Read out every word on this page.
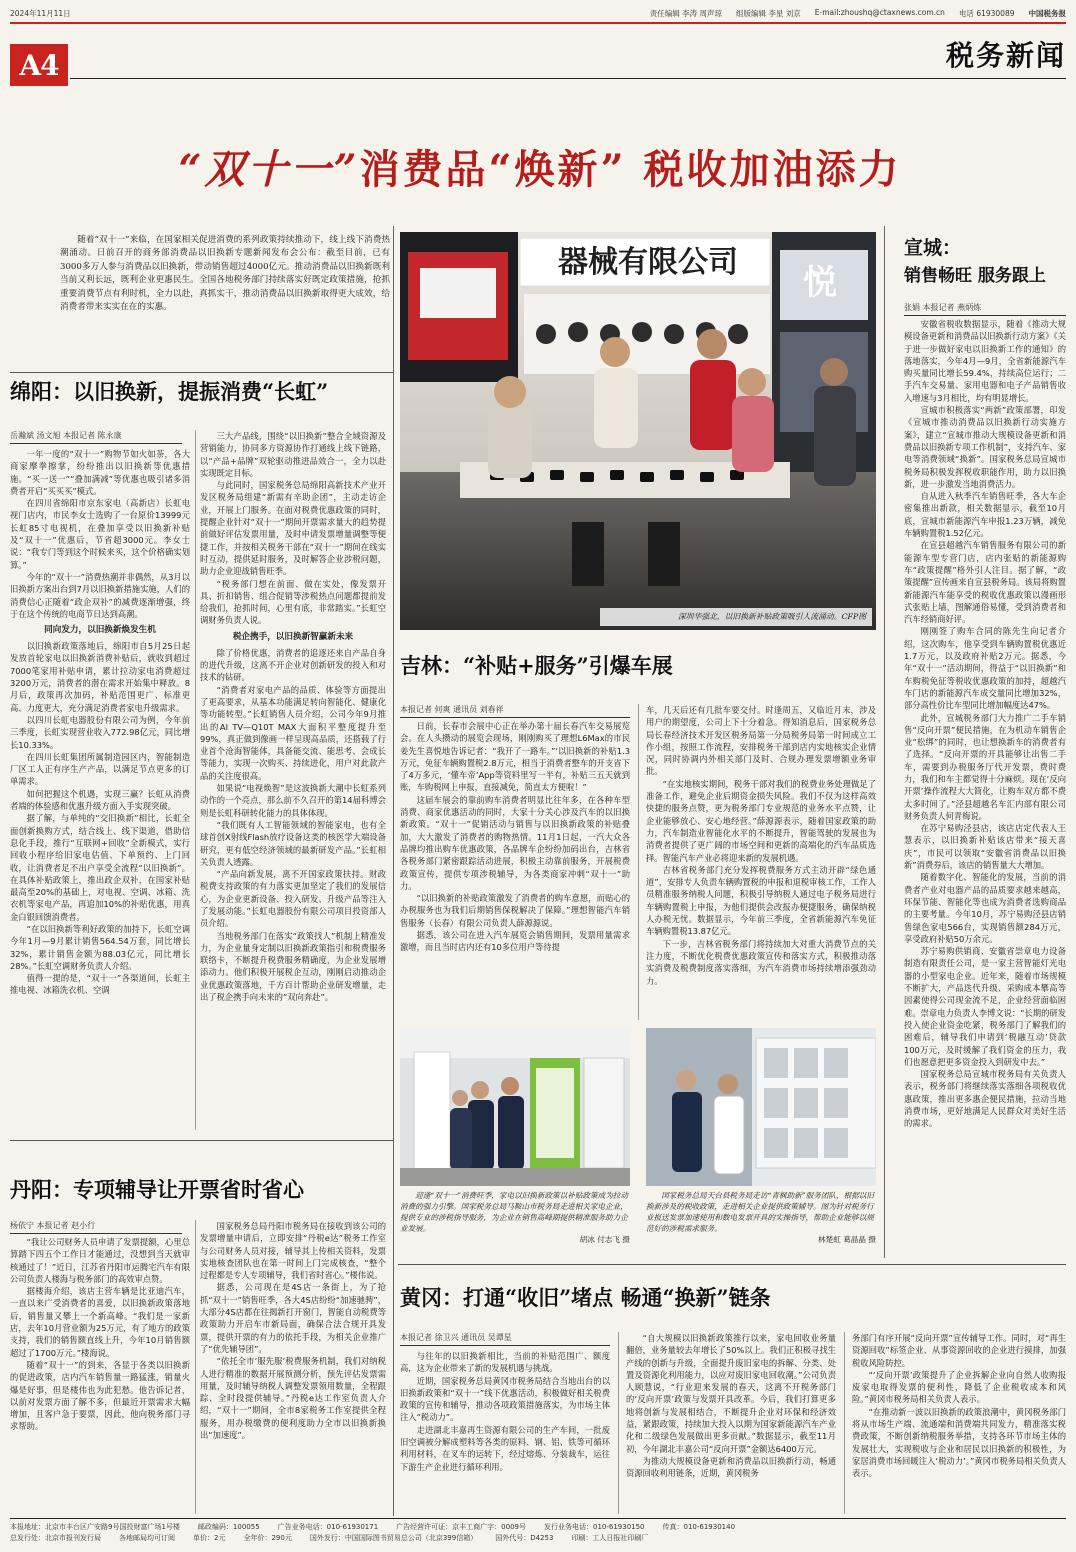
2024年11月11日	责任编辑 李涛 周声琼 组版编辑 李星 刘京 E-mail:zhoushq@ctaxnews.com.cn 电话 61930089 中国税务报
A4	税务新闻
“双十一”消费品“焕新” 税收加油添力
随着“双十一”来临，在国家相关促进消费的系列政策持续推动下，线上线下消费热潮涌动。日前召开的商务部消费品以旧换新专题新闻发布会公布：截至目前，已有3000多万人参与消费品以旧换新，带动销售超过4000亿元。推动消费品以旧换新既利当前又利长远，既利企业更惠民生。全国各地税务部门持续落实好既定政策措施，抢抓重要消费节点有利时机，全力以赴，真抓实干，推动消费品以旧换新取得更大成效，给消费者带来实实在在的实惠。
绵阳：以旧换新，提振消费“长虹”
岳瀚斌 汤文旭 本报记者 陈永康

一年一度的“双十一”购物节如火如荼，各大商家摩拳擦掌，纷纷推出以旧换新等优惠措施。“买一送一”“叠加满减”等优惠也吸引诸多消费者开启“买买买”模式。

在四川省绵阳市京东家电（高新店）长虹电视门店内，市民李女士选购了一台原价13999元长虹85寸电视机，在叠加享受以旧换新补贴及“双十一”优惠后，节省超3000元。李女士说：“我专门等到这个时候来买，这个价格确实划算。”

今年的“双十一”消费热潮并非偶然，从3月以旧换新方案出台到7月以旧换新措施实施，人们的消费信心正随着“政企双补”的减费逐渐增强，终于在这个传统的电商节日达到高潮。

同向发力，以旧换新焕发生机

以旧换新政策落地后，绵阳市自5月25日起发放首轮家电以旧换新消费补贴后，就收到超过7000笔家用补贴申请，累计拉动家电消费超过3200万元，消费者的潜在需求开始集中释放。8月后，政策再次加码，补贴范围更广、标准更高、力度更大，充分满足消费者家电升级需求。

以四川长虹电器股份有限公司为例，今年前三季度，长虹实现营业收入772.98亿元，同比增长10.33%。

在四川长虹集团所属制造园区内，智能制造厂区工人正有序生产产品，以满足节点更多的订单需求。

如何把握这个机遇，实现三赢？长虹从消费者端的体验感和优惠升级方面入手实现突破。

据了解，与单纯的“交旧换新”相比，长虹全面创新换购方式，结合线上、线下渠道，借助信息化手段，推行“互联网+回收”全新模式，实行回收小程序给旧家电估值、下单预约、上门回收，让消费者足不出户享受全流程“以旧换新”。在具体补贴政策上，推出政企双补，在国家补贴最高至20%的基础上，对电视、空调、冰箱、洗衣机等家电产品，再追加10%的补贴优惠，用真金白银回馈消费者。

“在以旧换新等利好政策的加持下，长虹空调今年1月—9月累计销售564.54万套，同比增长32%，累计销售金额为88.03亿元，同比增长28%。”长虹空调财务负责人介绍。

值得一提的是，“双十一”各渠道间，长虹主推电视、冰箱洗衣机、空调

三大产品线，围绕“以旧换新”整合全域资源及营销能力，协同多方资源协作打通线上线下链路，以“产品+品牌”双轮驱动推进品效合一，全力以赴实现既定目标。

与此同时，国家税务总局绵阳高新技术产业开发区税务局组建“新需有辛助企团”，主动走访企业，开展上门服务。在面对税费优惠政策的同时，提醒企业针对“双十一”期间开票需求量大的趋势提前做好评估发票用量，及时申请发票增量调整等便捷工作，并按相关税务干部在“双十一”期间在线实时互动，提供延时服务，及时解答企业涉税问题，助力企业迎战销售旺季。

“税务部门想在前面、做在实处，像发票开具、折扣销售、组合促销等涉税热点问题都提前发给我们，抢抓时间，心里有底，非常踏实。”长虹空调财务负责人说。

税企携手，以旧换新智赢新未来

除了价格优惠，消费者的追逐还来自产品自身的进代升级，这离不开企业对创新研发的投入和对技术的钻研。

“消费者对家电产品的品质、体验等方面提出了更高要求，从基本功能满足转向智能化、健康化等功能转型。”长虹销售人员介绍，公司今年9月推出的AI TV—Q10T MAX大面积平整度提升至99%，真正做到像画一样呈现高品质，还搭载了行业首个沧海智能体，具备能交流、能思考、会成长等能力，实现一次购买、持续进化，用户对此款产品的关注度很高。

如果说“电视焕智”是这波换新大潮中长虹系列动作的一个亮点，那么前不久召开的第14届科博会则是长虹科研转化能力的具体体现。

“我们既有人工智能领域的智能家电，也有全球首创X射线Flash放疗设备这类的核医学大端设备研究，更有低空经济领域的最新研发产品。”长虹相关负责人透露。

“产品向新发展，离不开国家政策扶持。财政税费支持政策的有力落实更加坚定了我们的发展信心，为企业更新设备、投入研发、升级产品等注入了发展动能。”长虹电器股份有限公司项目投资部人员介绍。

当地税务部门在落实“政策找人”机制上精准发力，为企业量身定制以旧换新政策指引和税费服务联络卡，不断提升税费服务精确度，为企业发展增添动力。他们积极开展税企互动，刚刚启动推动企业优惠政策落地，千方百计帮助企业研发增量，走出了税企携手向未来的“双向奔赴”。

丹阳：专项辅导让开票省时省心
杨依宁 本报记者 赵小行

“我让公司财务人员申请了发票提额，心里总算踏下四五个工作日才能通过，没想到当天就审核通过了！”近日，江苏省丹阳市运腾宅汽车有限公司负责人楼海与税务部门的高效审点赞。

据楼海介绍，该店主营车辆是比亚迪汽车，一直以来广受消费者的喜爱，以旧换新政策落地后，销售量又攀上一个新高峰。“我们是一家新店，去年10月营业额为25万元，有了地方的政策支持，我们的销售额直线上升，今年10月销售额超过了1700万元。”楼海说。

随着“双十一”的到来，各显于各类以旧换新的促进政策，店内汽车销售量一路猛涨，销量火爆是好事，但是楼伟也为此犯愁。他告诉记者，以前对发票方面了解不多，但最近开票需求大幅增加，且客户急于要票，因此，他向税务部门寻求帮助。

国家税务总局丹阳市税务局在接收到该公司的发票增量申请后，立即安排“丹税e达”税务工作室与公司财务人员对接，辅导其上传相关资料，发票实地核查团队也在第一时间上门完成核查，“整个过程都是专人专项辅导，我们省时省心。”楼伟说。

据悉，公司现在是4S店一条街上，为了抢抓“双十一”销售旺季，各大4S店纷纷“加速驰骋”，大部分4S店都在往揭新打开窗门，智能自动税费等政策助力开启车市新局面，确保合法合规开具发票，提供开票的有力的依托手段，为相关企业推广了“优先辅导团”。

“依托全市‘服先服’税费服务机制，我们对纳税人进行精准的数据开展预测分析，预先评估发票需用量，及时辅导纳税人调整发票领用数量，全程跟踪、全时段提供辅导。”丹税e达工作室负责人介绍，“双十一”期间，全市8家税务工作室提供全程服务，用办税缴费的便利度助力全市以旧换新换出“加速度”。

器械有限公司
悦
深圳华强北，以旧换新补贴政策吸引人流涌动。CFP图
吉林：“补贴+服务”引爆车展
本报记者 何爽 通讯员 刘春祥

日前，长春市会展中心正在举办第十届长春汽车交易展览会。在人头攒动的展览会现场，刚刚购买了理想L6Max的市民姜先生喜悦地告诉记者：“我开了一路车。”‘以旧换新的补贴1.3万元，免征车辆购置税2.8万元，相当于消费者整车的开支省下了4万多元，‘懂车帝’App等资料里写一半有，补贴三五天就到账，车购税网上申报，直接减免，简直太方便啦！”

这届车展会的靠前购车消费者明显比往年多，在各种车型消费、商家优惠活动的同时，大家十分关心涉及汽车的以旧换新政策。“双十一”促销活动与销售与以旧换新政策的补贴叠加，大大激发了消费者的购物热情。11月1日起，一汽大众各品牌均推出购车优惠政策，各品牌车企纷纷加码出台，吉林省各税务部门紧密跟踪活动进展，积极主动靠前服务，开展税费政策宣传，提供专项涉税辅导，为各类商家冲刺“双十一”助力。

“以旧换新的补贴政策激发了消费者的购车意愿，而贴心的办税服务也为我们后期销售保税解决了保障。”理想智能汽车销售服务（长春）有限公司负责人薛源源说。

据悉，该公司在进入汽车展览会销售期间，发票用量需求激增，而且当时店内还有10多位用户等待提

车，几天后还有几批车要交付。时逢周五，又临近月末，涉及用户的期望度，公司上下十分着急。得知消息后，国家税务总局长春经济技术开发区税务局第一分局税务局第一时间成立工作小组，按照工作流程，安排税务干部到店内实地核实企业情况，同时协调内外相关部门及时、合规办理发票增额业务审批。

“在实地核实期间，税务干部对我们的税费业务处理做足了准备工作，避免企业后期资金损失风险。我们不仅为这样高效快捷的服务点赞，更为税务部门专业规范的业务水平点赞，让企业能够放心、安心地经营。”薛源源表示，随着国家政策的助力，汽车制造业智能化水平的不断提升，智能驾驶的发展也为消费者提供了更广阔的市场空间和更新的高端化的汽车品质选择。智能汽车产业必将迎来新的发展机遇。

吉林省税务部门充分发挥税费服务方式主动开辟“绿色通道”，安排专人负责车辆购置税的申报和退税审核工作，工作人员精准服务纳税人问题，积极引导纳税人通过电子税务局进行车辆购置税上申报，为他们提供会改报办便捷服务，确保纳税人办税无忧。数据显示，今年前三季度，全省新能源汽车免征车辆购置税13.87亿元。

下一步，吉林省税务部门将持续加大对重大消费节点的关注力度，不断优化税费优惠政策宣传和落实方式，积极推动落实消费及税费制度落实落细，为汽车消费市场持续增添强劲动力。

迎逢“双十一”消费旺季，家电以旧换新政策以补贴政策成为拉动消费的强力引擎。国家税务总局马鞍山市税务局走进相关家电企业，提供专业的涉税指导服务，为企业在销售高峰期提供精准服务助力企业发展。

胡冰 付志飞 摄

国家税务总局天台县税务局走访“青枫助新”服务团队，根据以旧换新涉及的税收政策，走进相关企业提供政策辅导。图为针对税务行业报送发票加速使用和数电发票开具的实操指导，帮助企业能够以规范好的涉税需求服务。

林楚虹 葛晶晶 摄

黄冈：打通“收旧”堵点 畅通“换新”链条
本报记者 徐卫兴 通讯员 吴谭星

与往年的以旧换新相比，当前的补贴范围广、额度高，这为企业带来了新的发展机遇与挑战。

近期，国家税务总局黄冈市税务局结合当地出台的以旧换新政策和“双十一”线下优惠活动，积极做好相关税费政策的宣传和辅导，推动各项政策措施落实，为市场主体注入“税动力”。

走进湖北丰嘉再生资源有限公司的生产车间，一批废旧空调被分解成塑料等各类的原料、钢、铝、铁等可循环利用材料，在叉车的运转下，经过熔炼、分装裁车，运往下游生产企业进行循环利用。

“自大规模以旧换新政策推行以来，家电回收业务量翻倍，业务量较去年增长了50%以上。我们正积极寻找生产线的创新与升级，全面提升废旧家电的拆解、分类、处置及资源化利用能力，以应对废旧家电回收潮。”公司负责人顾慧说，“行业迎来发展的春天，这离不开税务部门的‘反向开票’政策与发票开具改革。今后，我们打算更多地将创新与发展相结合，不断提升企业对环保和经济效益，紧跟政策，持续加大投入以期为国家新能源汽车产业化和二级绿色发展做出更多贡献。”数据显示，截至11月初，今年湖北丰嘉公司“反向开票”金额达6400万元。

为推动大规模设备更新和消费品以旧换新行动，畅通资源回收利用链条，近期，黄冈税务

务部门有序开展“反向开票”宣传辅导工作。同时，对“再生资源回收”标签企业、从事资源回收的企业进行摸排，加强税收风险防控。

“‘反向开票’政策提升了企业拆解企业向自然人收购报废家电取得发票的便利性，降低了企业税收成本和风险。”黄冈市税务局相关负责人表示。

“在推动新一波以旧换新的政策浪潮中，黄冈税务部门将从市场生产端、流通端和消费端共同发力，精准落实税费政策，不断创新纳税服务举措，支持各环节市场主体的发展壮大，实现税收与企业和居民以旧换新的积极性，为家居消费市场回暖注入‘税动力’。”黄冈市税务局相关负责人表示。

宣城：
销售畅旺 服务跟上
张娟 本报记者 燕炳炼

安徽省税收数据显示，随着《推动大规模设备更新和消费品以旧换新行动方案》《关于进一步做好家电以旧换新工作的通知》的落地落实，今年4月—9月，全省新能源汽车购买量同比增长59.4%，持续高位运行；二手汽车交易量、家用电器和电子产品销售收入增速与3月相比，均有明显增长。

宣城市积极落实“两新”政策部署，印发《宣城市推动消费品以旧换新行动实施方案》，建立“宣城市推动大规模设备更新和消费品以旧换新专项工作机制”，支持汽车、家电等消费领域“换新”。国家税务总局宣城市税务局积极发挥税收职能作用，助力以旧换新，进一步激发当地消费活力。

自从进入秋季汽车销售旺季，各大车企密集推出新款，相关数据显示，截至10月底，宣城市新能源汽车申报1.23万辆，减免车辆购置税1.52亿元。

在宣县超越汽车销售服务有限公司的新能源车型专营门店，店内张贴的新能源购车“政策提醒”格外引人注目。据了解，“政策提醒”宣传画来自宣县税务局。该局将购置新能源汽车能享受的税收优惠政策以漫画形式张贴上墙，图解通俗易懂，受到消费者和汽车经销商好评。

刚刚签了购车合同的陈先生向记者介绍，这次购车，他享受到车辆购置税优惠近1.7万元，以及政府补贴2万元。据悉，今年“双十一”活动期间，得益于“以旧换新”和车购税免征等税收优惠政策的加持，超越汽车门店的新能源汽车成交量同比增加32%，部分高性价比车型同比增加幅度达47%。

此外，宣城税务部门大力推广二手车销售“反向开票”便民措施，在为机动车销售企业“松绑”的同时，也让想换新车的消费者有了选择。“反向开票的开具能够让出售二手车，需要到办税服务厅代开发票，费时费力，我们和车主都觉得十分麻烦。现在‘反向开票’操作流程大大简化，让购车双方都不费太多时间了。”泾县超越名车汇内部有限公司财务负责人何青梅说。

在苏宁易购泾县店，该店店定代表人王慧表示，以旧换新补贴该店带来“接天喜庆”，市民可以领取“安徽省消费品以旧换新”消费券后，该店的销售量大大增加。

随着数字化、智能化的发展，当前的消费者产业对电器产品的品质要求越来越高，环保节能、智能化等也成为消费者选购商品的主要考量。今年10月，苏宁易购泾县店销售绿色家电566台，实现销售额284万元，享受政府补贴50万余元。

苏宁易购供销商、安徽省崇章电力设备制造有限责任公司，是一家主营智能灯光电器的小型家电企业。近年来，随着市场规模不断扩大，产品迭代升级、采购成本攀高等因素使得公司现金流不足，企业经营面临困难。崇章电力负责人李博文说：“长期的研发投入使企业资金吃紧，税务部门了解我们的困难后，辅导我们申请到‘税融互动’贷款100万元，及时缓解了我们资金的压力，我们也愿意把更多资金投入到研发中去。”

国家税务总局宣城市税务局有关负责人表示，税务部门将继续落实落细各项税收优惠政策，推出更多惠企便民措施，拉动当地消费市场，更好地满足人民群众对美好生活的需求。

本报地址：北京市丰台区广安路9号国投财富广场1号楼	邮政编码：100055	广告业务电话：010-61930171	广告经营许可证：京丰工商广字：0009号	发行业务电话：010-61930150	传真：010-61930140
总发行处：北京市报刊发行局	各地邮局均可订阅	单价：2元	全年价：290元	国外发行：中国国际图书贸易总公司（北京399信箱）	国外代号：D4253	印刷：工人日报社印刷厂
